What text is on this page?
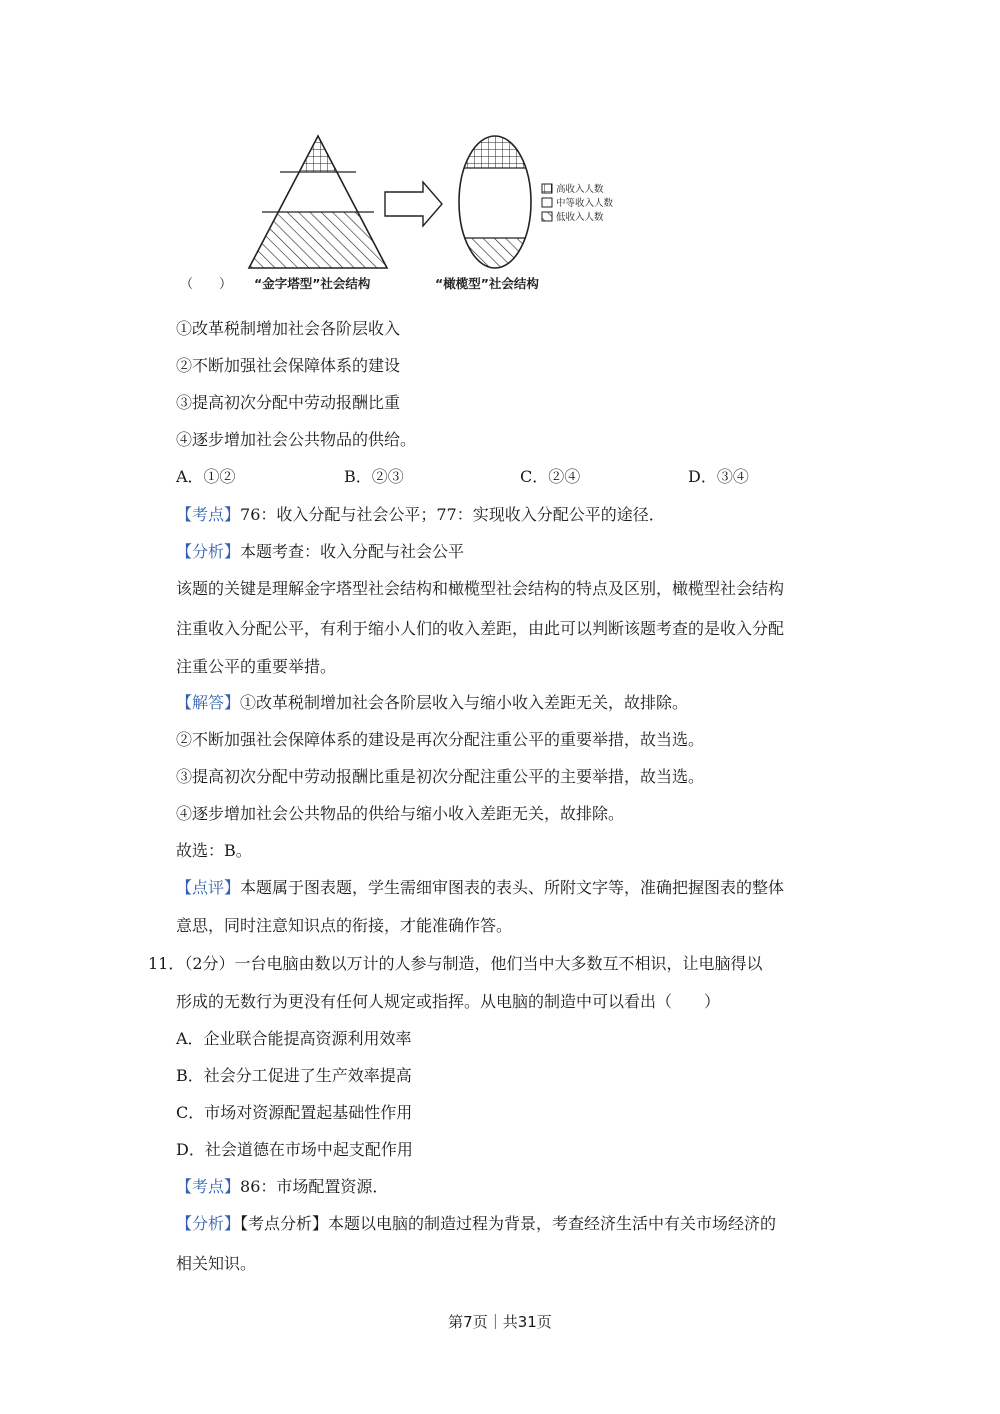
高收入人数
中等收入人数
低收入人数
（　　） “金字塔型”社会结构	“橄榄型”社会结构
①改革税制增加社会各阶层收入
②不断加强社会保障体系的建设
③提高初次分配中劳动报酬比重
④逐步增加社会公共物品的供给。
A．①②	B．②③	C．②④	D．③④
【考点】76：收入分配与社会公平；77：实现收入分配公平的途径．
【分析】本题考查：收入分配与社会公平
该题的关键是理解金字塔型社会结构和橄榄型社会结构的特点及区别，橄榄型社会结构
注重收入分配公平，有利于缩小人们的收入差距，由此可以判断该题考查的是收入分配
注重公平的重要举措。
【解答】①改革税制增加社会各阶层收入与缩小收入差距无关，故排除。
②不断加强社会保障体系的建设是再次分配注重公平的重要举措，故当选。
③提高初次分配中劳动报酬比重是初次分配注重公平的主要举措，故当选。
④逐步增加社会公共物品的供给与缩小收入差距无关，故排除。
故选：B。
【点评】本题属于图表题，学生需细审图表的表头、所附文字等，准确把握图表的整体
意思，同时注意知识点的衔接，才能准确作答。
11．（2分）一台电脑由数以万计的人参与制造，他们当中大多数互不相识，让电脑得以
形成的无数行为更没有任何人规定或指挥。从电脑的制造中可以看出（　　）
A．企业联合能提高资源利用效率
B．社会分工促进了生产效率提高
C．市场对资源配置起基础性作用
D．社会道德在市场中起支配作用
【考点】86：市场配置资源．
【分析】【考点分析】本题以电脑的制造过程为背景，考查经济生活中有关市场经济的
相关知识。
第7页｜共31页
